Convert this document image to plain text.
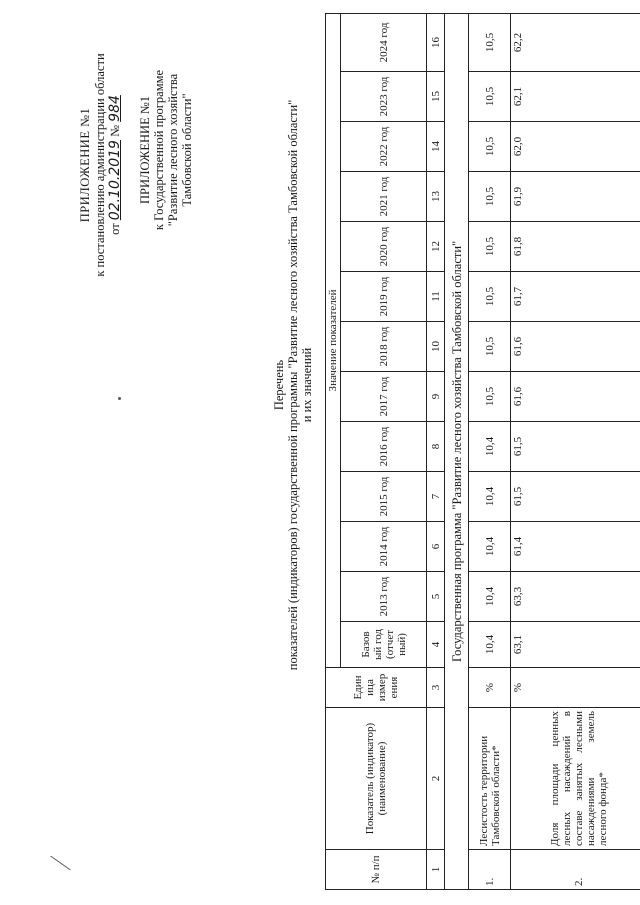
ПРИЛОЖЕНИЕ №1 к постановлению администрации области от 02.10.2019 № 984 ПРИЛОЖЕНИЕ №1 к Государственной программе "Развитие лесного хозяйства Тамбовской области"
Перечень показателей (индикаторов) государственной программы "Развитие лесного хозяйства Тамбовской области" и их значений
№ п/п	Показатель (индикатор) (наименование)	Един ица измер ения	Значение показателей												
			Базов ый год (отчет ный)	2013 год	2014 год	2015 год	2016 год	2017 год	2018 год	2019 год	2020 год	2021 год	2022 год	2023 год	2024 год
1	2	3	4	5	6	7	8	9	10	11	12	13	14	15	16
Государственная программа "Развитие лесного хозяйства Тамбовской области"															
1.	Лесистость территории Тамбовской области*	%	10,4	10,4	10,4	10,4	10,4	10,5	10,5	10,5	10,5	10,5	10,5	10,5	10,5
2.	Доля площади ценных лесных насаждений в составе занятых лесными насаждениями земель лесного фонда*	%	63,1	63,3	61,4	61,5	61,5	61,6	61,6	61,7	61,8	61,9	62,0	62,1	62,2
